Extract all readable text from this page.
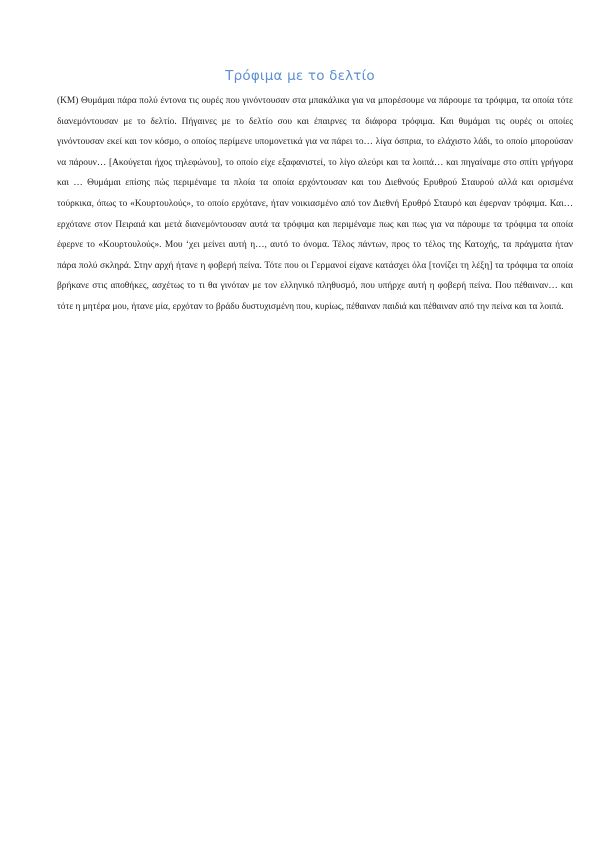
Τρόφιμα με το δελτίο

(ΚΜ) Θυμάμαι πάρα πολύ έντονα τις ουρές που γινόντουσαν στα μπακάλικα για να μπορέσουμε να πάρουμε τα τρόφιμα, τα οποία τότε διανεμόντουσαν με το δελτίο. Πήγαινες με το δελτίο σου και έπαιρνες τα διάφορα τρόφιμα. Και θυμάμαι τις ουρές οι οποίες γινόντουσαν εκεί και τον κόσμο, ο οποίος περίμενε υπομονετικά για να πάρει το… λίγα όσπρια, το ελάχιστο λάδι, το οποίο μπορούσαν να πάρουν… [Ακούγεται ήχος τηλεφώνου], το οποίο είχε εξαφανιστεί, το λίγο αλεύρι και τα λοιπά… και πηγαίναμε στο σπίτι γρήγορα και … Θυμάμαι επίσης πώς περιμέναμε τα πλοία τα οποία ερχόντουσαν και του Διεθνούς Ερυθρού Σταυρού αλλά και ορισμένα τούρκικα, όπως το «Κουρτουλούς», το οποίο ερχότανε, ήταν νοικιασμένο από τον Διεθνή Ερυθρό Σταυρό και έφερναν τρόφιμα. Και… ερχότανε στον Πειραιά και μετά διανεμόντουσαν αυτά τα τρόφιμα και περιμέναμε πως και πως για να πάρουμε τα τρόφιμα τα οποία έφερνε το «Κουρτουλούς». Μου ‘χει μείνει αυτή η…, αυτό το όνομα. Τέλος πάντων, προς το τέλος της Κατοχής, τα πράγματα ήταν πάρα πολύ σκληρά. Στην αρχή ήτανε η φοβερή πείνα. Τότε που οι Γερμανοί είχανε κατάσχει όλα [τονίζει τη λέξη] τα τρόφιμα τα οποία βρήκανε στις αποθήκες, ασχέτως το τι θα γινόταν με τον ελληνικό πληθυσμό, που υπήρχε αυτή η φοβερή πείνα. Που πέθαιναν… και τότε η μητέρα μου, ήτανε μία, ερχόταν το βράδυ δυστυχισμένη που, κυρίως, πέθαιναν παιδιά και πέθαιναν από την πείνα και τα λοιπά.
